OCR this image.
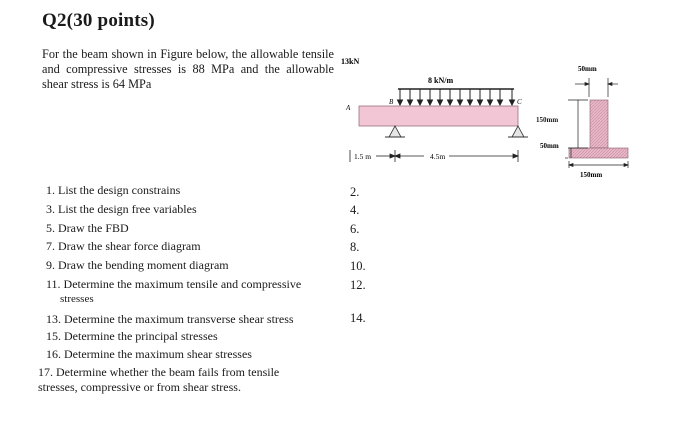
Q2(30 points)
For the beam shown in Figure below, the allowable tensile and compressive stresses is 88 MPa and the allowable shear stress is 64 MPa
1. List the design constrains
3. List the design free variables
5. Draw the FBD
7. Draw the shear force diagram
9. Draw the bending moment diagram
11. Determine the maximum tensile and compressive
stresses
13. Determine the maximum transverse shear stress
15. Determine the principal stresses
16. Determine the maximum shear stresses
17. Determine whether the beam fails from tensile stresses, compressive or from shear stress.
2.
4.
6.
8.
10.
12.
14.
13kN
8 kN/m
A
B	C
1.5 m	4.5m
50mm
150mm
50mm
150mm
